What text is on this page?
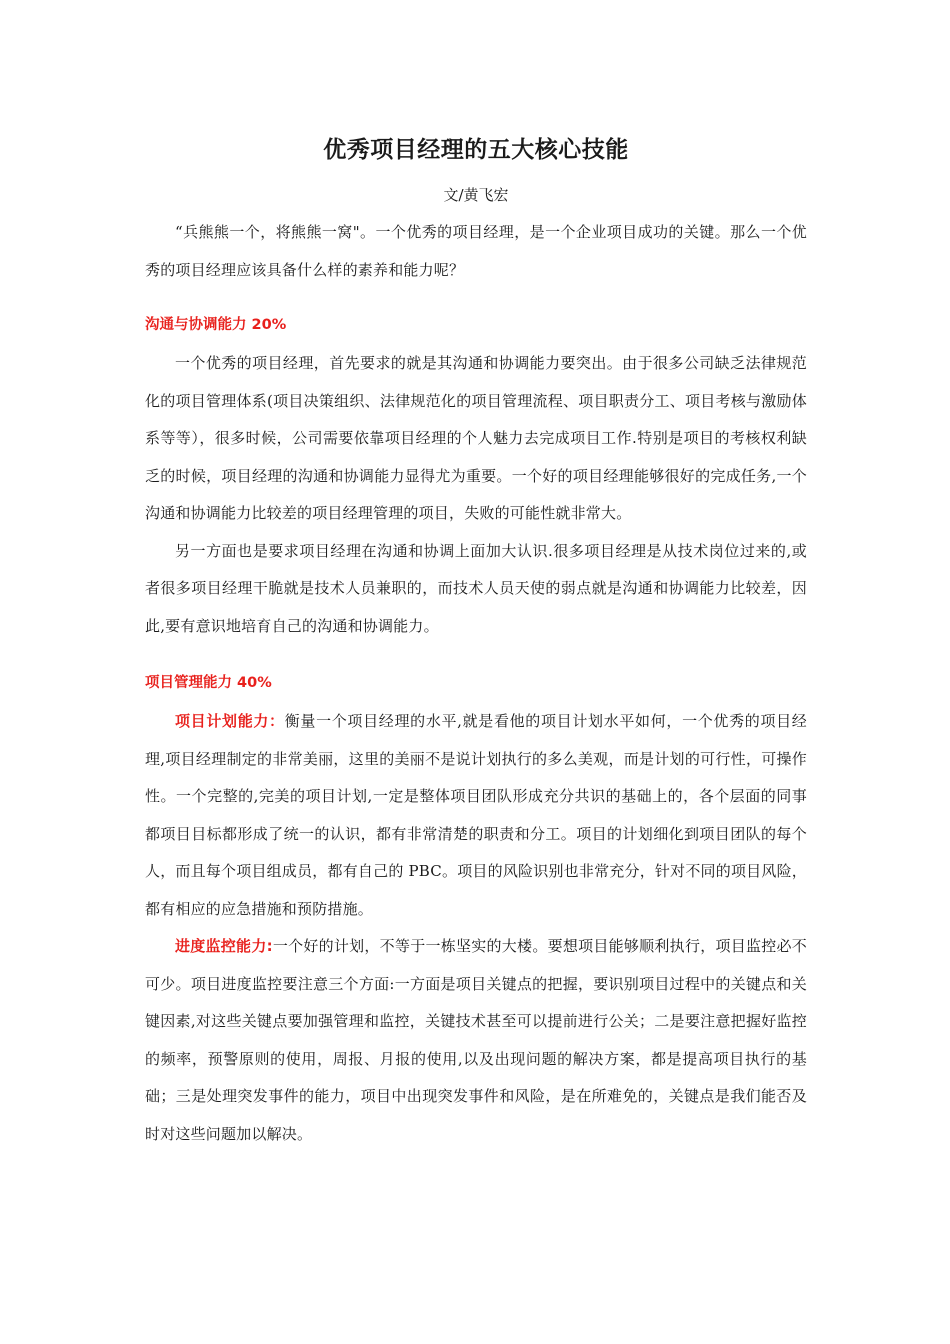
优秀项目经理的五大核心技能
文/黄飞宏

“兵熊熊一个，将熊熊一窝"。一个优秀的项目经理，是一个企业项目成功的关键。那么一个优秀的项目经理应该具备什么样的素养和能力呢？

沟通与协调能力 20%

一个优秀的项目经理，首先要求的就是其沟通和协调能力要突出。由于很多公司缺乏法律规范化的项目管理体系(项目决策组织、法律规范化的项目管理流程、项目职责分工、项目考核与激励体系等等），很多时候，公司需要依靠项目经理的个人魅力去完成项目工作.特别是项目的考核权利缺乏的时候，项目经理的沟通和协调能力显得尤为重要。一个好的项目经理能够很好的完成任务,一个沟通和协调能力比较差的项目经理管理的项目，失败的可能性就非常大。

另一方面也是要求项目经理在沟通和协调上面加大认识.很多项目经理是从技术岗位过来的,或者很多项目经理干脆就是技术人员兼职的，而技术人员天使的弱点就是沟通和协调能力比较差，因此,要有意识地培育自己的沟通和协调能力。

项目管理能力 40%

项目计划能力：衡量一个项目经理的水平,就是看他的项目计划水平如何，一个优秀的项目经理,项目经理制定的非常美丽，这里的美丽不是说计划执行的多么美观，而是计划的可行性，可操作性。一个完整的,完美的项目计划,一定是整体项目团队形成充分共识的基础上的，各个层面的同事都项目目标都形成了统一的认识，都有非常清楚的职责和分工。项目的计划细化到项目团队的每个人，而且每个项目组成员，都有自己的 PBC。项目的风险识别也非常充分，针对不同的项目风险，都有相应的应急措施和预防措施。

进度监控能力:一个好的计划，不等于一栋坚实的大楼。要想项目能够顺利执行，项目监控必不可少。项目进度监控要注意三个方面:一方面是项目关键点的把握，要识别项目过程中的关键点和关键因素,对这些关键点要加强管理和监控，关键技术甚至可以提前进行公关；二是要注意把握好监控的频率，预警原则的使用，周报、月报的使用,以及出现问题的解决方案，都是提高项目执行的基础；三是处理突发事件的能力，项目中出现突发事件和风险，是在所难免的，关键点是我们能否及时对这些问题加以解决。
